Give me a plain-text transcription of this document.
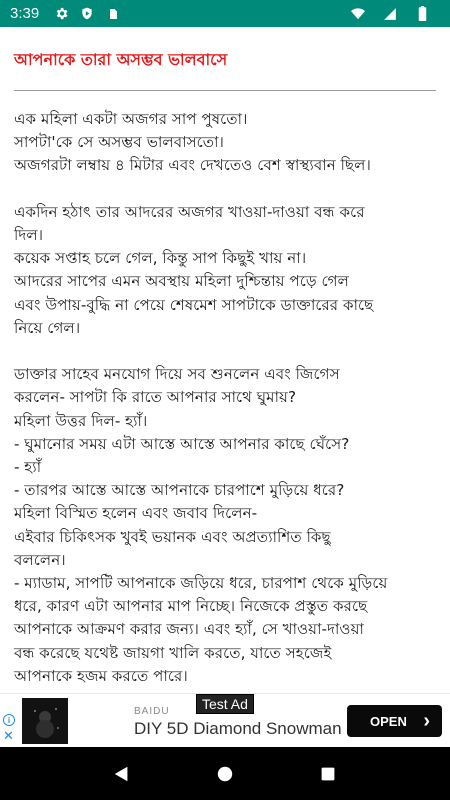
3:39
আপনাকে তারা অসম্ভব ভালবাসে
এক মহিলা একটা অজগর সাপ পুষতো।
সাপটা'কে সে অসম্ভব ভালবাসতো।
অজগরটা লম্বায় ৪ মিটার এবং দেখতেও বেশ স্বাস্থ্যবান ছিল।
একদিন হঠাৎ তার আদরের অজগর খাওয়া-দাওয়া বন্ধ করে
দিল।
কয়েক সপ্তাহ চলে গেল, কিন্তু সাপ কিছুই খায় না।
আদরের সাপের এমন অবস্থায় মহিলা দুশ্চিন্তায় পড়ে গেল
এবং উপায়-বুদ্ধি না পেয়ে শেষমেশ সাপটাকে ডাক্তারের কাছে
নিয়ে গেল।
ডাক্তার সাহেব মনযোগ দিয়ে সব শুনলেন এবং জিগেস
করলেন- সাপটা কি রাতে আপনার সাথে ঘুমায়?
মহিলা উত্তর দিল- হ্যাঁ।
- ঘুমানোর সময় এটা আস্তে আস্তে আপনার কাছে ঘেঁসে?
- হ্যাঁ
- তারপর আস্তে আস্তে আপনাকে চারপাশে মুড়িয়ে ধরে?
মহিলা বিস্মিত হলেন এবং জবাব দিলেন-
এইবার চিকিৎসক খুবই ভয়ানক এবং অপ্রত্যাশিত কিছু
বললেন।
- ম্যাডাম, সাপটি আপনাকে জড়িয়ে ধরে, চারপাশ থেকে মুড়িয়ে
ধরে, কারণ এটা আপনার মাপ নিচ্ছে। নিজেকে প্রস্তুত করছে
আপনাকে আক্রমণ করার জন্য। এবং হ্যাঁ, সে খাওয়া-দাওয়া
বন্ধ করেছে যথেষ্ট জায়গা খালি করতে, যাতে সহজেই
আপনাকে হজম করতে পারে।
i
✕
Test Ad
BAIDU
DIY 5D Diamond Snowman OPEN ›
